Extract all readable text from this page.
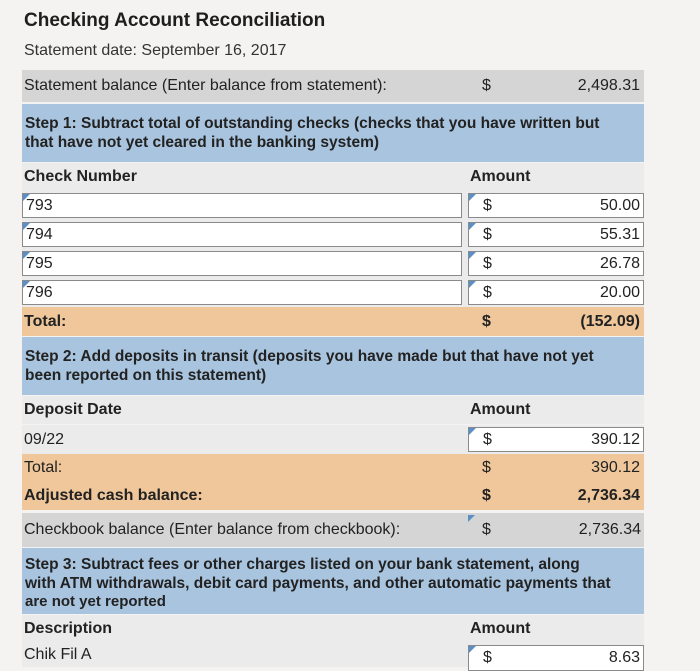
Checking Account Reconciliation
Statement date: September 16, 2017
Statement balance (Enter balance from statement):	$	2,498.31
Step 1: Subtract total of outstanding checks (checks that you have written but
that have not yet cleared in the banking system)
Check Number	Amount
793	$	50.00
794	$	55.31
795	$	26.78
796	$	20.00
Total:	$	(152.09)
Step 2: Add deposits in transit (deposits you have made but that have not yet
been reported on this statement)
Deposit Date	Amount
09/22	$	390.12
Total:	$	390.12
Adjusted cash balance:	$	2,736.34
Checkbook balance (Enter balance from checkbook):	$	2,736.34
Step 3: Subtract fees or other charges listed on your bank statement, along
with ATM withdrawals, debit card payments, and other automatic payments that
are not yet reported
Description	Amount
Chik Fil A	$	8.63
